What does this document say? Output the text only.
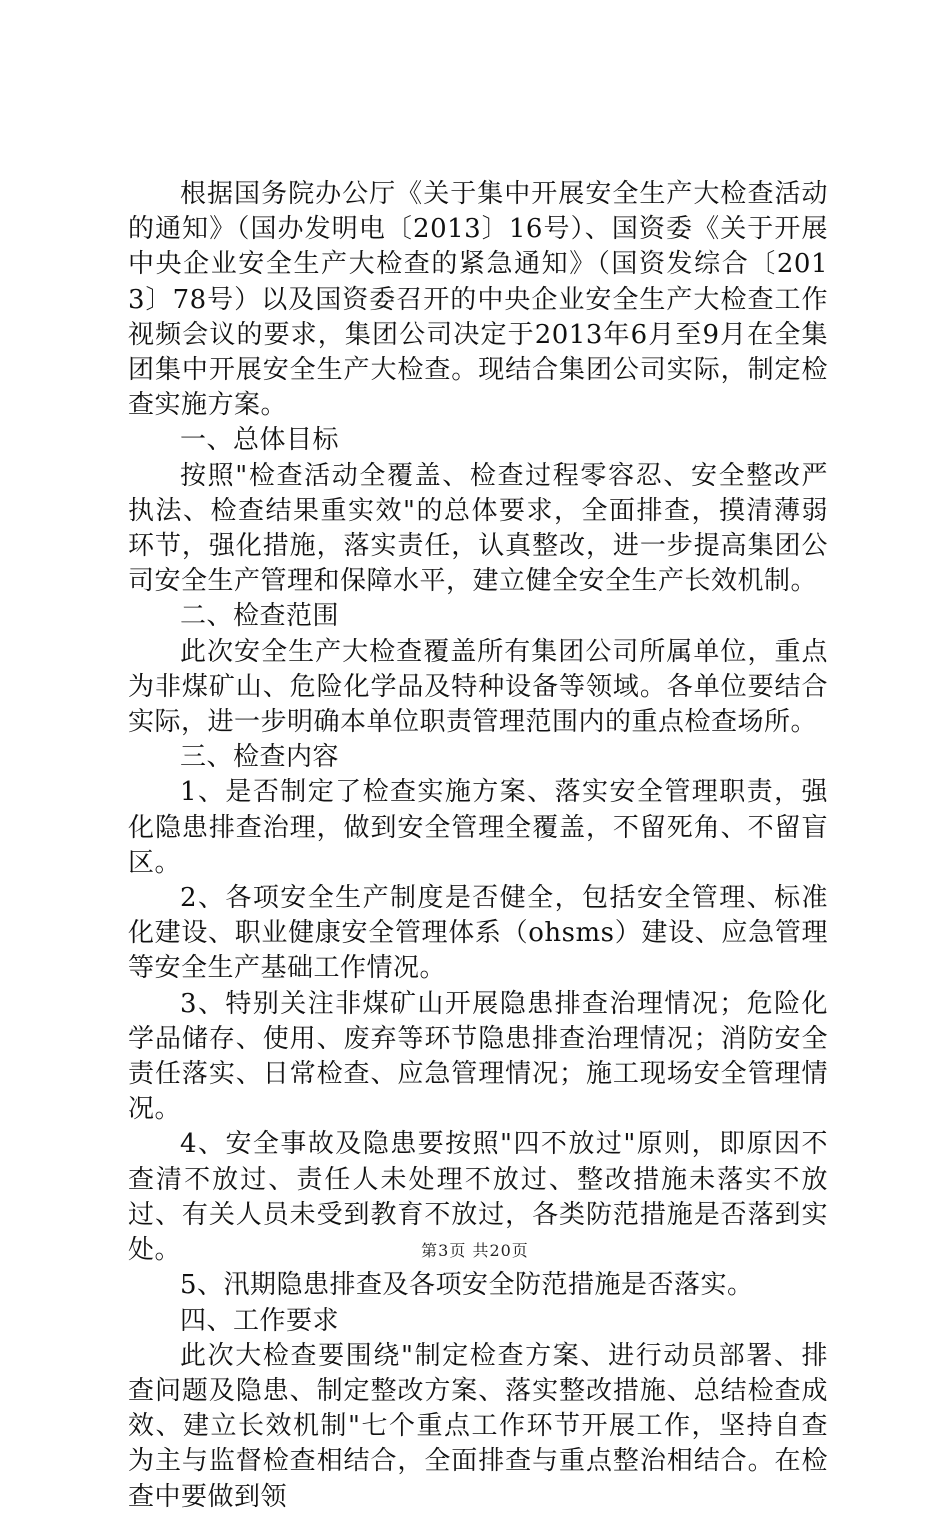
根据国务院办公厅《关于集中开展安全生产大检查活动的通知》（国办发明电〔2013〕16号）、国资委《关于开展中央企业安全生产大检查的紧急通知》（国资发综合〔2013〕78号）以及国资委召开的中央企业安全生产大检查工作视频会议的要求，集团公司决定于2013年6月至9月在全集团集中开展安全生产大检查。现结合集团公司实际，制定检查实施方案。

一、总体目标

按照"检查活动全覆盖、检查过程零容忍、安全整改严执法、检查结果重实效"的总体要求，全面排查，摸清薄弱环节，强化措施，落实责任，认真整改，进一步提高集团公司安全生产管理和保障水平，建立健全安全生产长效机制。

二、检查范围

此次安全生产大检查覆盖所有集团公司所属单位，重点为非煤矿山、危险化学品及特种设备等领域。各单位要结合实际，进一步明确本单位职责管理范围内的重点检查场所。

三、检查内容

1、是否制定了检查实施方案、落实安全管理职责，强化隐患排查治理，做到安全管理全覆盖，不留死角、不留盲区。

2、各项安全生产制度是否健全，包括安全管理、标准化建设、职业健康安全管理体系（ohsms）建设、应急管理等安全生产基础工作情况。

3、特别关注非煤矿山开展隐患排查治理情况；危险化学品储存、使用、废弃等环节隐患排查治理情况；消防安全责任落实、日常检查、应急管理情况；施工现场安全管理情况。

4、安全事故及隐患要按照"四不放过"原则，即原因不查清不放过、责任人未处理不放过、整改措施未落实不放过、有关人员未受到教育不放过，各类防范措施是否落到实处。

5、汛期隐患排查及各项安全防范措施是否落实。

四、工作要求

此次大检查要围绕"制定检查方案、进行动员部署、排查问题及隐患、制定整改方案、落实整改措施、总结检查成效、建立长效机制"七个重点工作环节开展工作，坚持自查为主与监督检查相结合，全面排查与重点整治相结合。在检查中要做到领

第3页 共20页
